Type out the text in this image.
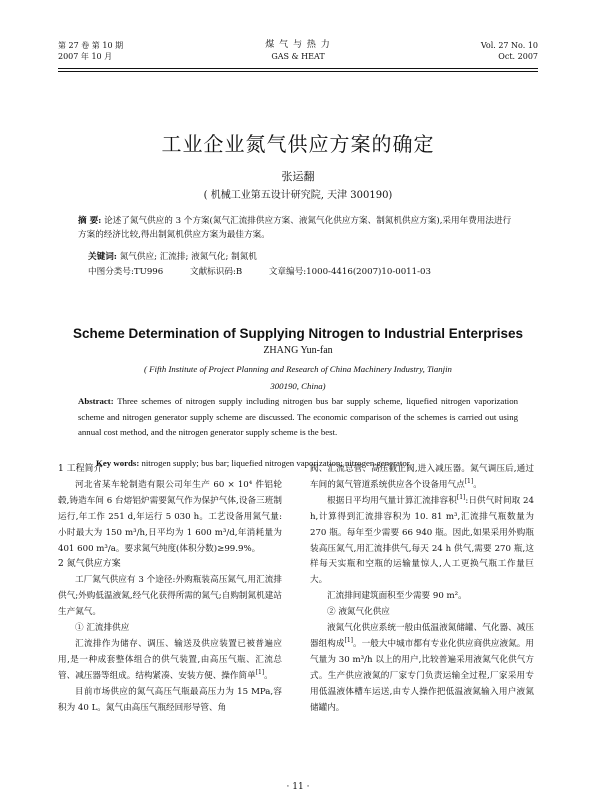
第 27 卷 第 10 期
2007 年 10 月
煤 气 与 热 力
GAS & HEAT
Vol. 27 No. 10
Oct. 2007
工业企业氮气供应方案的确定
张运翻
( 机械工业第五设计研究院, 天津 300190)
摘 要: 论述了氮气供应的 3 个方案(氮气汇流排供应方案、液氮气化供应方案、制氮机供应方案),采用年费用法进行方案的经济比较,得出制氮机供应方案为最佳方案。
关键词: 氮气供应; 汇流排; 液氮气化; 制氮机
中图分类号:TU996	文献标识码:B	文章编号:1000-4416(2007)10-0011-03
Scheme Determination of Supplying Nitrogen to Industrial Enterprises
ZHANG Yun-fan
( Fifth Institute of Project Planning and Research of China Machinery Industry, Tianjin
300190, China)
Abstract: Three schemes of nitrogen supply including nitrogen bus bar supply scheme, liquefied nitrogen vaporization scheme and nitrogen generator supply scheme are discussed. The economic comparison of the schemes is carried out using annual cost method, and the nitrogen generator supply scheme is the best.
Key words: nitrogen supply; bus bar; liquefied nitrogen vaporization; nitrogen generator

1 工程简介

河北省某车轮制造有限公司年生产 60 × 10⁴ 件铝轮毂,铸造车间 6 台熔铝炉需要氮气作为保护气体,设备三班制运行,年工作 251 d,年运行 5 030 h。工艺设备用氮气量:小时最大为 150 m³/h,日平均为 1 600 m³/d,年消耗量为 401 600 m³/a。要求氮气纯度(体积分数)≥99.9%。

2 氮气供应方案

工厂氮气供应有 3 个途径:外购瓶装高压氮气,用汇流排供气;外购低温液氮,经气化获得所需的氮气;自购制氮机建站生产氮气。

① 汇流排供应

汇流排作为储存、调压、输送及供应装置已被普遍应用,是一种成套整体组合的供气装置,由高压气瓶、汇流总管、减压器等组成。结构紧凑、安装方便、操作简单[1]。

目前市场供应的氮气高压气瓶最高压力为 15 MPa,容积为 40 L。氮气由高压气瓶经回形导管、角

阀、汇流总管、高压截止阀,进入减压器。氮气调压后,通过车间的氮气管道系统供应各个设备用气点[1]。

根据日平均用气量计算汇流排容积[1]:日供气时间取 24 h,计算得到汇流排容积为 10. 81 m³,汇流排气瓶数量为 270 瓶。每年至少需要 66 940 瓶。因此,如果采用外购瓶装高压氮气,用汇流排供气,每天 24 h 供气,需要 270 瓶,这样每天实瓶和空瓶的运输量惊人,人工更换气瓶工作量巨大。

汇流排间建筑面积至少需要 90 m²。

② 液氮气化供应

液氮气化供应系统一般由低温液氮储罐、气化器、减压器组构成[1]。一般大中城市都有专业化供应商供应液氮。用气量为 30 m³/h 以上的用户,比较普遍采用液氮气化供气方式。生产供应液氮的厂家专门负责运输全过程,厂家采用专用低温液体槽车运送,由专人操作把低温液氮输入用户液氮储罐内。

· 11 ·
